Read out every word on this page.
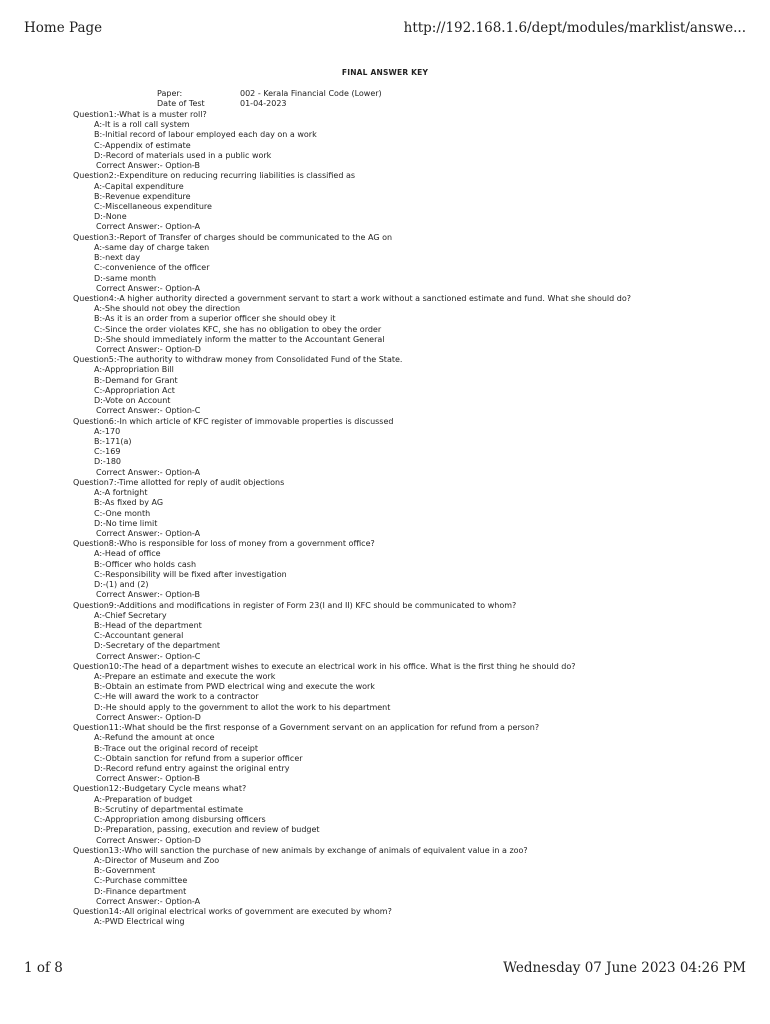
Home Page	http://192.168.1.6/dept/modules/marklist/answe...
FINAL ANSWER KEY
Paper:	002 - Kerala Financial Code (Lower)
Date of Test	01-04-2023
Question1:-What is a muster roll?
A:-It is a roll call system
B:-Initial record of labour employed each day on a work
C:-Appendix of estimate
D:-Record of materials used in a public work
Correct Answer:- Option-B
Question2:-Expenditure on reducing recurring liabilities is classified as
A:-Capital expenditure
B:-Revenue expenditure
C:-Miscellaneous expenditure
D:-None
Correct Answer:- Option-A
Question3:-Report of Transfer of charges should be communicated to the AG on
A:-same day of charge taken
B:-next day
C:-convenience of the officer
D:-same month
Correct Answer:- Option-A
Question4:-A higher authority directed a government servant to start a work without a sanctioned estimate and fund. What she should do?
A:-She should not obey the direction
B:-As it is an order from a superior officer she should obey it
C:-Since the order violates KFC, she has no obligation to obey the order
D:-She should immediately inform the matter to the Accountant General
Correct Answer:- Option-D
Question5:-The authority to withdraw money from Consolidated Fund of the State.
A:-Appropriation Bill
B:-Demand for Grant
C:-Appropriation Act
D:-Vote on Account
Correct Answer:- Option-C
Question6:-In which article of KFC register of immovable properties is discussed
A:-170
B:-171(a)
C:-169
D:-180
Correct Answer:- Option-A
Question7:-Time allotted for reply of audit objections
A:-A fortnight
B:-As fixed by AG
C:-One month
D:-No time limit
Correct Answer:- Option-A
Question8:-Who is responsible for loss of money from a government office?
A:-Head of office
B:-Officer who holds cash
C:-Responsibility will be fixed after investigation
D:-(1) and (2)
Correct Answer:- Option-B
Question9:-Additions and modifications in register of Form 23(I and II) KFC should be communicated to whom?
A:-Chief Secretary
B:-Head of the department
C:-Accountant general
D:-Secretary of the department
Correct Answer:- Option-C
Question10:-The head of a department wishes to execute an electrical work in his office. What is the first thing he should do?
A:-Prepare an estimate and execute the work
B:-Obtain an estimate from PWD electrical wing and execute the work
C:-He will award the work to a contractor
D:-He should apply to the government to allot the work to his department
Correct Answer:- Option-D
Question11:-What should be the first response of a Government servant on an application for refund from a person?
A:-Refund the amount at once
B:-Trace out the original record of receipt
C:-Obtain sanction for refund from a superior officer
D:-Record refund entry against the original entry
Correct Answer:- Option-B
Question12:-Budgetary Cycle means what?
A:-Preparation of budget
B:-Scrutiny of departmental estimate
C:-Appropriation among disbursing officers
D:-Preparation, passing, execution and review of budget
Correct Answer:- Option-D
Question13:-Who will sanction the purchase of new animals by exchange of animals of equivalent value in a zoo?
A:-Director of Museum and Zoo
B:-Government
C:-Purchase committee
D:-Finance department
Correct Answer:- Option-A
Question14:-All original electrical works of government are executed by whom?
A:-PWD Electrical wing
1 of 8	Wednesday 07 June 2023 04:26 PM
